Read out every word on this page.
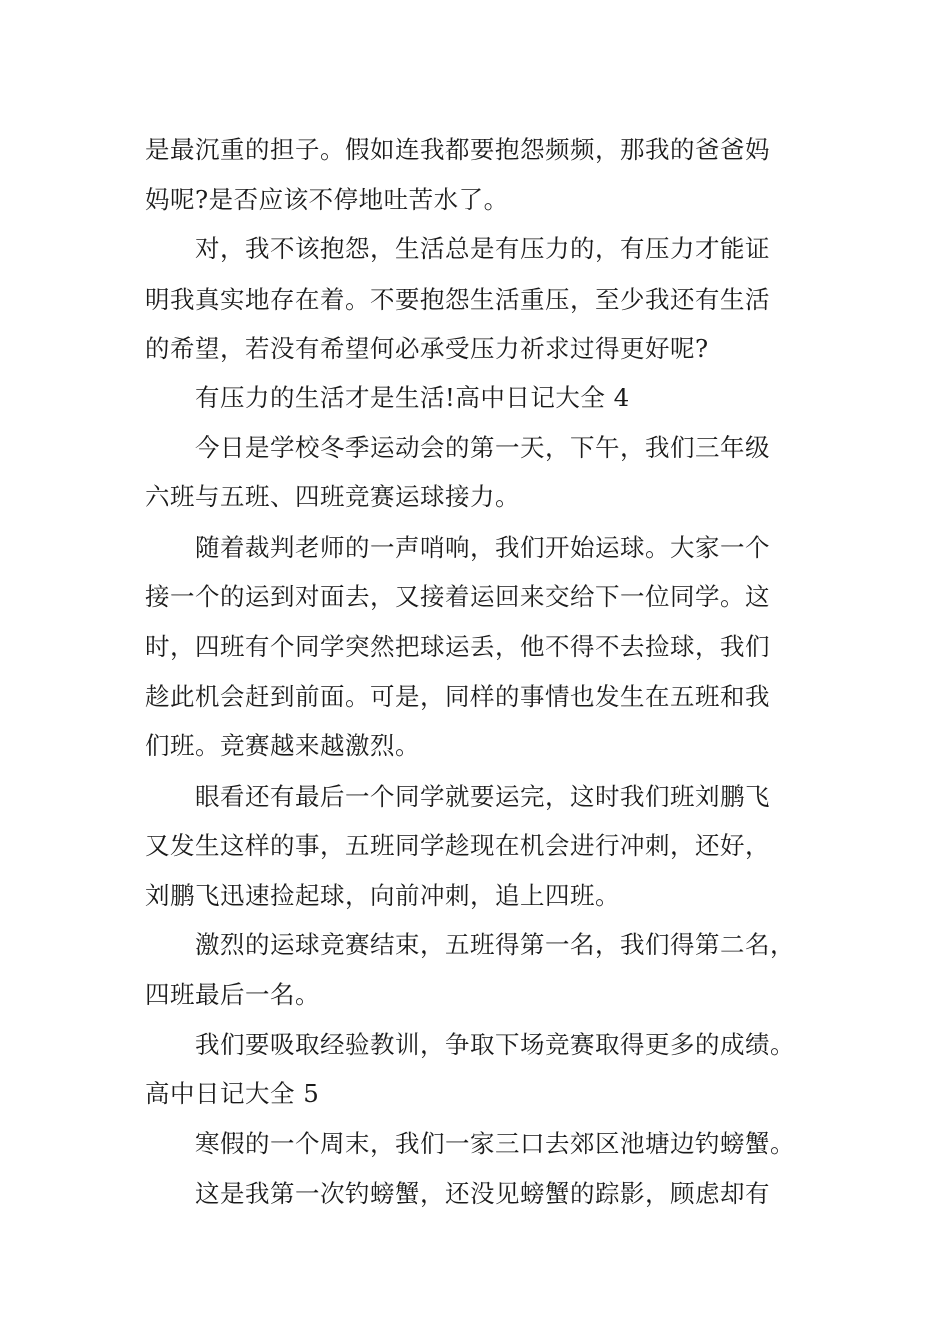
是最沉重的担子。假如连我都要抱怨频频，那我的爸爸妈
妈呢?是否应该不停地吐苦水了。
对，我不该抱怨，生活总是有压力的，有压力才能证
明我真实地存在着。不要抱怨生活重压，至少我还有生活
的希望，若没有希望何必承受压力祈求过得更好呢?
有压力的生活才是生活!高中日记大全 4
今日是学校冬季运动会的第一天，下午，我们三年级
六班与五班、四班竞赛运球接力。
随着裁判老师的一声哨响，我们开始运球。大家一个
接一个的运到对面去，又接着运回来交给下一位同学。这
时，四班有个同学突然把球运丢，他不得不去捡球，我们
趁此机会赶到前面。可是，同样的事情也发生在五班和我
们班。竞赛越来越激烈。
眼看还有最后一个同学就要运完，这时我们班刘鹏飞
又发生这样的事，五班同学趁现在机会进行冲刺，还好，
刘鹏飞迅速捡起球，向前冲刺，追上四班。
激烈的运球竞赛结束，五班得第一名，我们得第二名，
四班最后一名。
我们要吸取经验教训，争取下场竞赛取得更多的成绩。
高中日记大全 5
寒假的一个周末，我们一家三口去郊区池塘边钓螃蟹。
这是我第一次钓螃蟹，还没见螃蟹的踪影，顾虑却有
